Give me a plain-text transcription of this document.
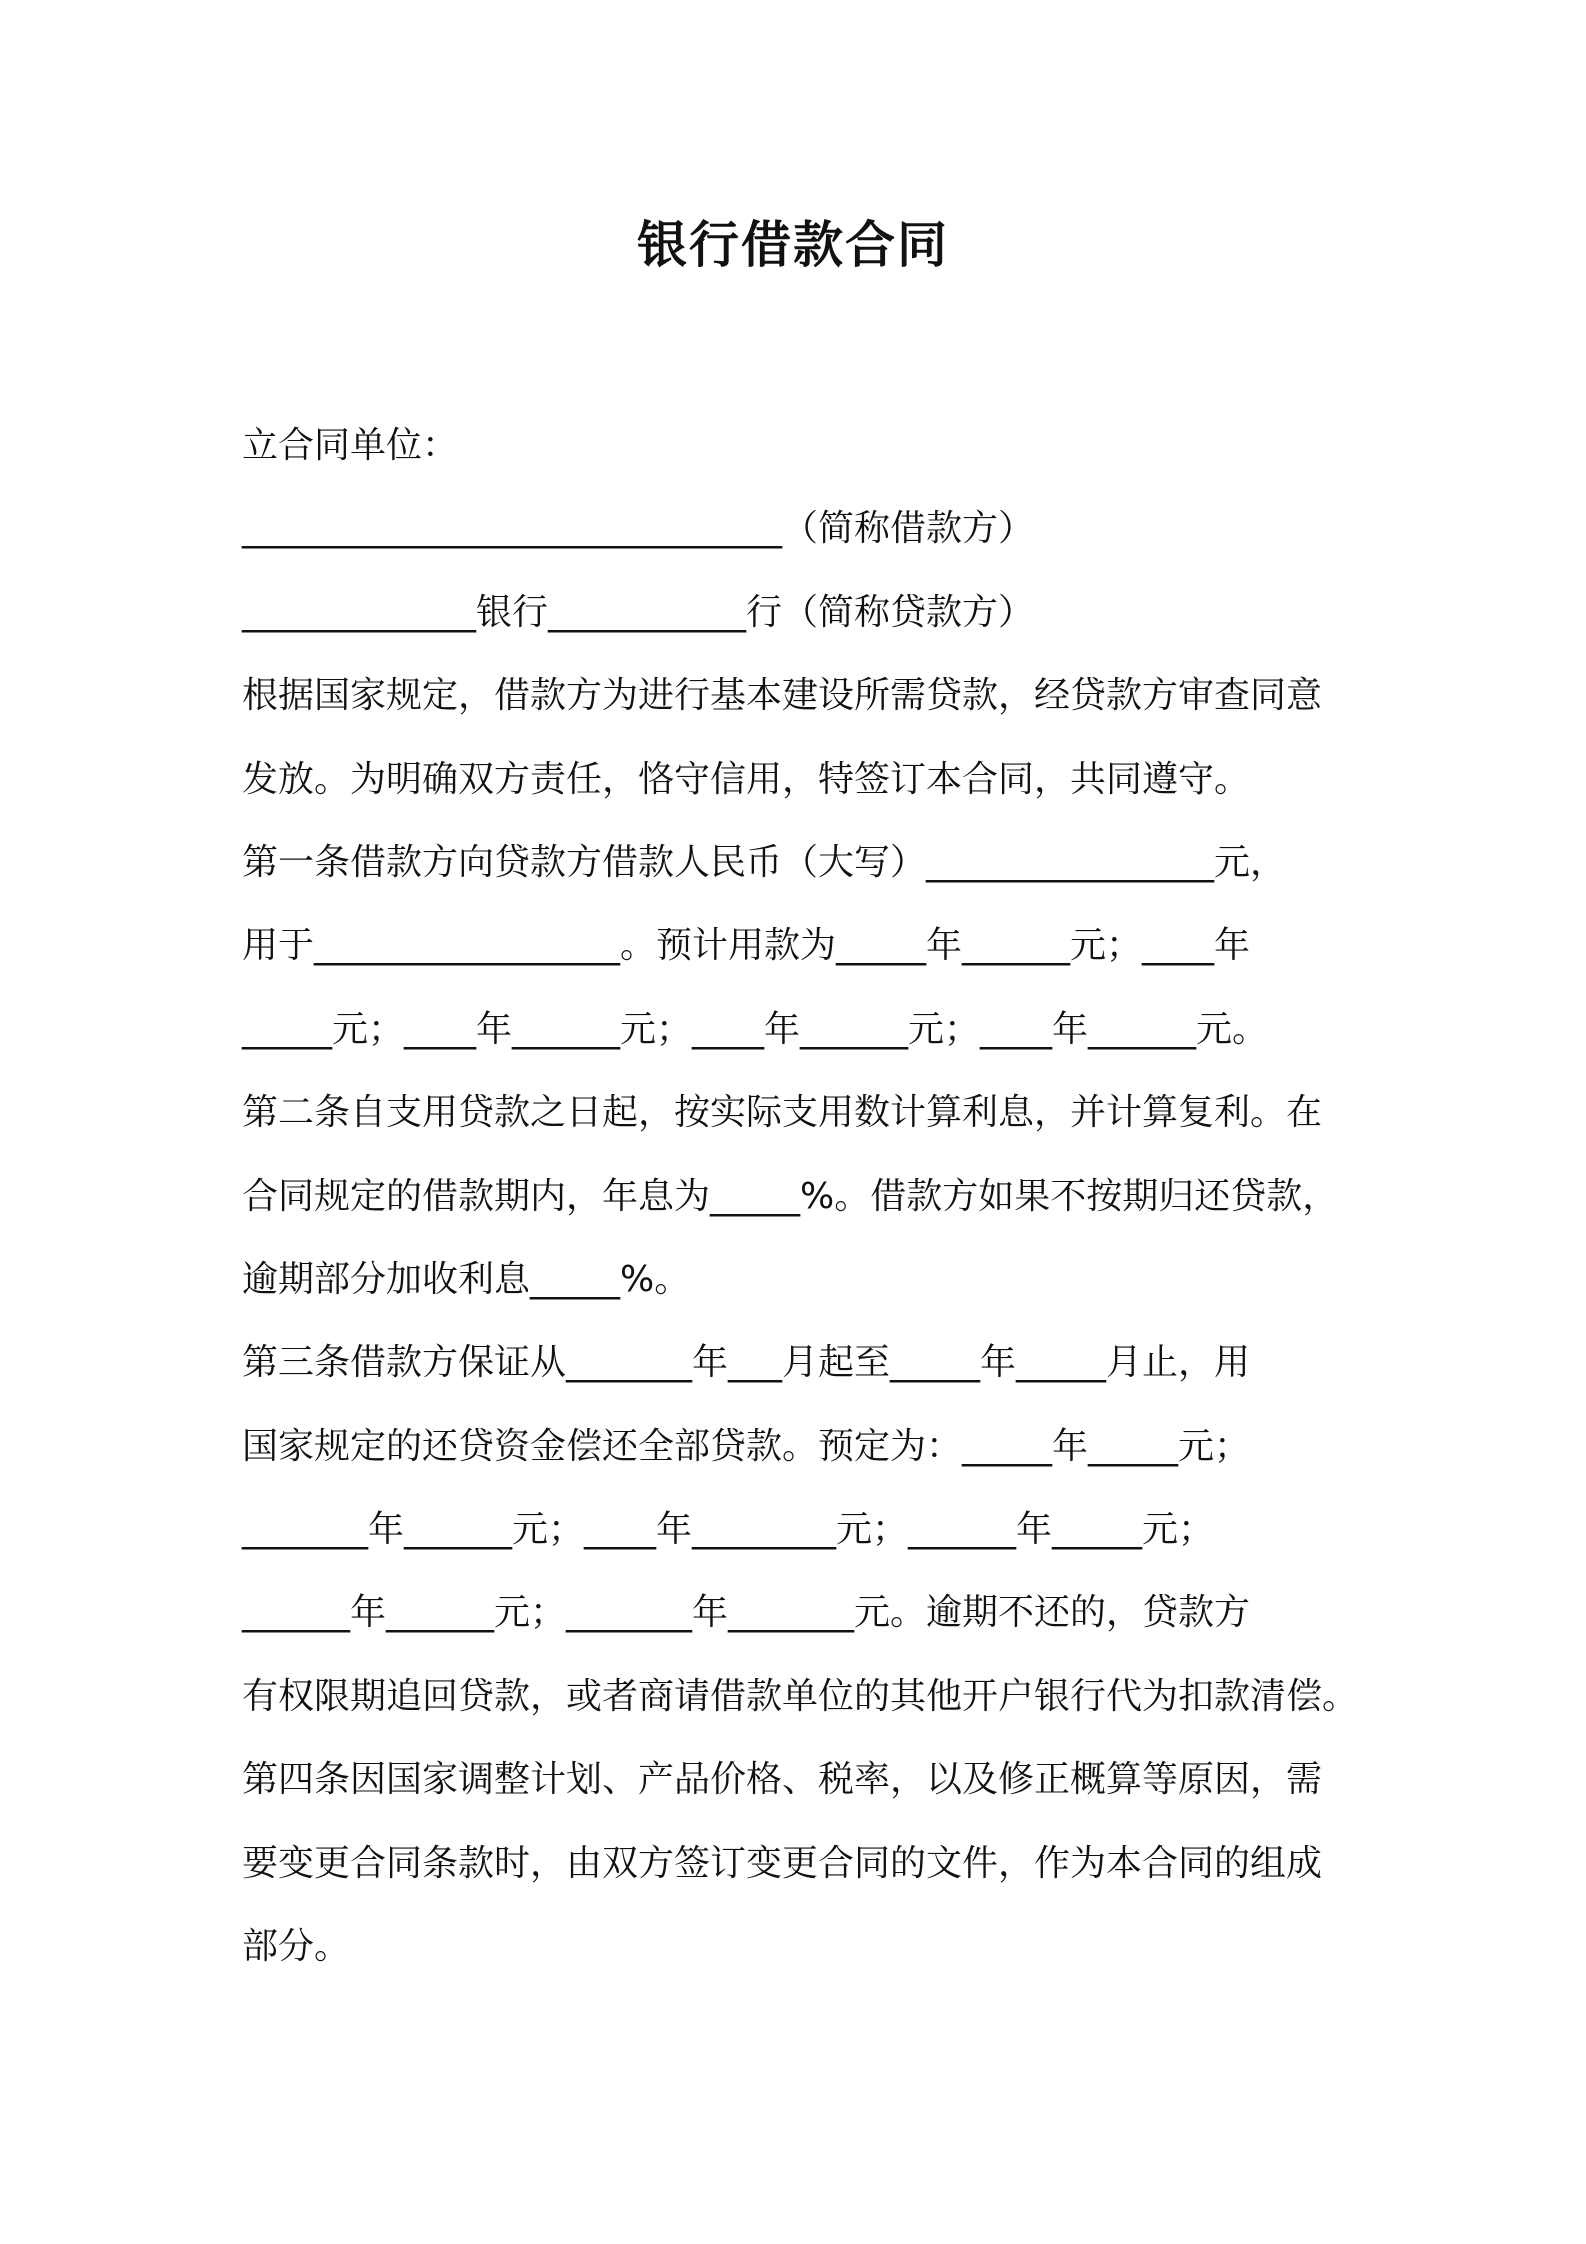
银行借款合同

立合同单位：

______________________________（简称借款方）

_____________银行___________行（简称贷款方）

根据国家规定，借款方为进行基本建设所需贷款，经贷款方审查同意

发放。为明确双方责任，恪守信用，特签订本合同，共同遵守。

第一条借款方向贷款方借款人民币（大写）________________元，

用于_________________。预计用款为_____年______元；____年

_____元；____年______元；____年______元；____年______元。

第二条自支用贷款之日起，按实际支用数计算利息，并计算复利。在

合同规定的借款期内，年息为_____%。借款方如果不按期归还贷款，

逾期部分加收利息_____%。

第三条借款方保证从_______年___月起至_____年_____月止，用

国家规定的还贷资金偿还全部贷款。预定为：_____年_____元；

_______年______元；____年________元；______年_____元；

______年______元；_______年_______元。逾期不还的，贷款方

有权限期追回贷款，或者商请借款单位的其他开户银行代为扣款清偿。

第四条因国家调整计划、产品价格、税率，以及修正概算等原因，需

要变更合同条款时，由双方签订变更合同的文件，作为本合同的组成

部分。
